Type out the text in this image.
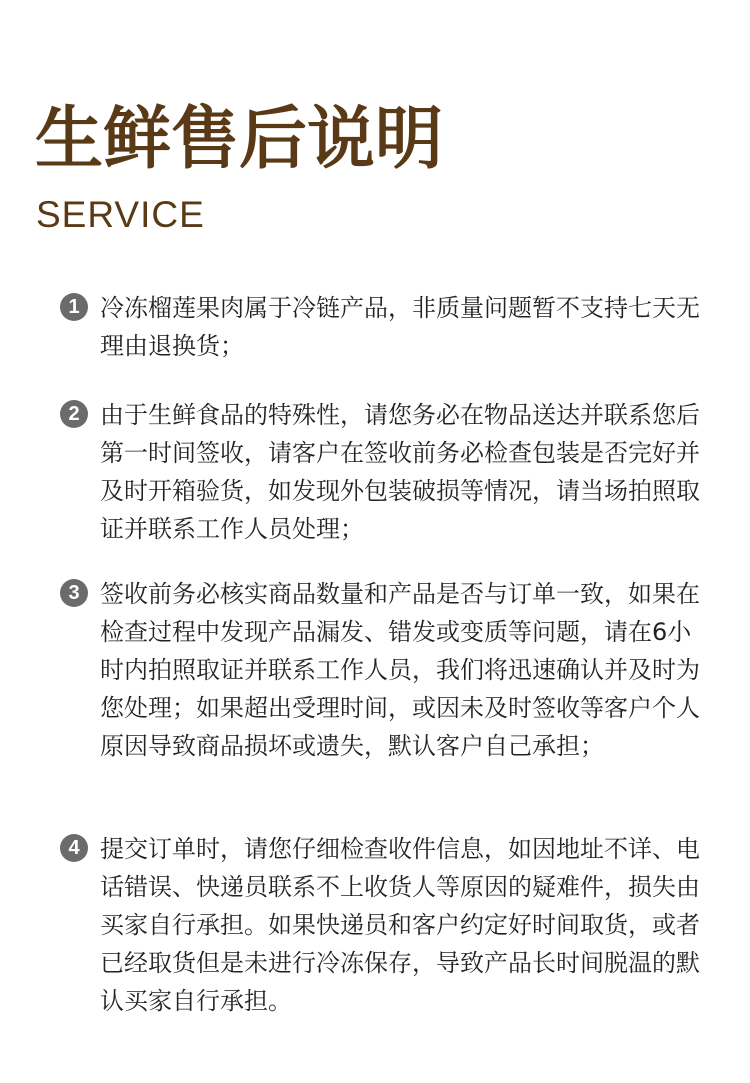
生鲜售后说明
SERVICE
1 冷冻榴莲果肉属于冷链产品，非质量问题暂不支持七天无理由退换货；
2 由于生鲜食品的特殊性，请您务必在物品送达并联系您后第一时间签收，请客户在签收前务必检查包装是否完好并及时开箱验货，如发现外包装破损等情况，请当场拍照取证并联系工作人员处理；
3 签收前务必核实商品数量和产品是否与订单一致，如果在检查过程中发现产品漏发、错发或变质等问题，请在6小时内拍照取证并联系工作人员，我们将迅速确认并及时为您处理；如果超出受理时间，或因未及时签收等客户个人原因导致商品损坏或遗失，默认客户自己承担；
4 提交订单时，请您仔细检查收件信息，如因地址不详、电话错误、快递员联系不上收货人等原因的疑难件，损失由买家自行承担。如果快递员和客户约定好时间取货，或者已经取货但是未进行冷冻保存，导致产品长时间脱温的默认买家自行承担。
